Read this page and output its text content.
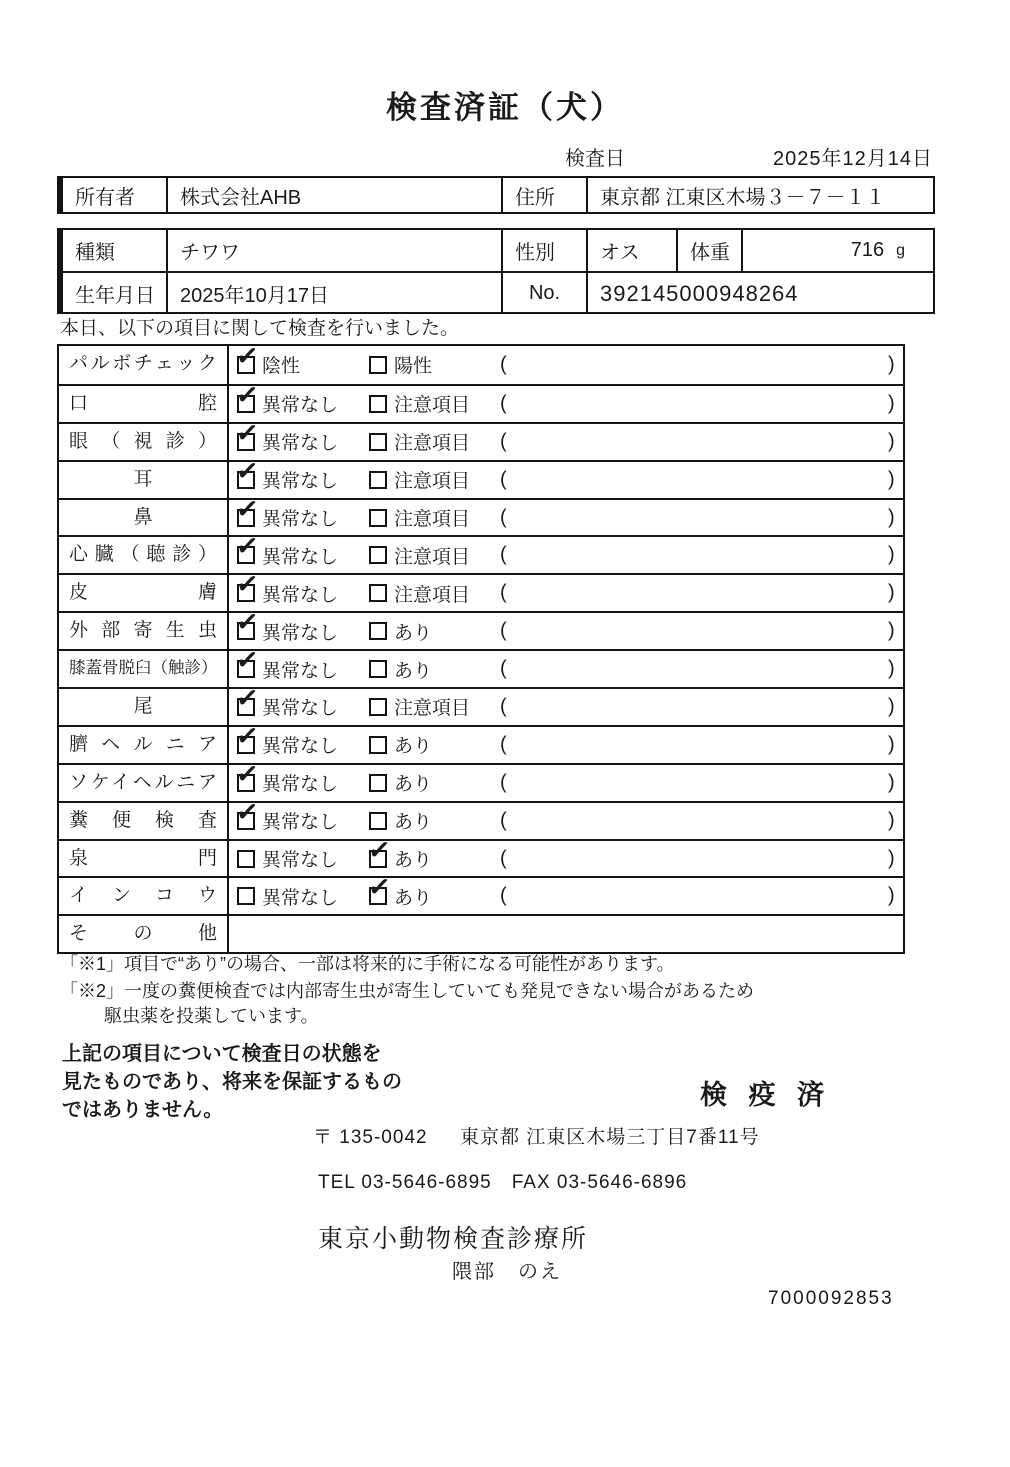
検査済証（犬）
検査日	2025年12月14日
所有者	株式会社AHB	住所	東京都 江東区木場３－７－１１
種類	チワワ	性別	オス	体重	716 g
生年月日	2025年10月17日	No.	392145000948264
本日、以下の項目に関して検査を行いました。
パルボチェック ✓ 陰性	陽性	(	)
口腔 ✓ 異常なし	注意項目 (	)
眼（視診） ✓ 異常なし	注意項目 (	)
耳	✓ 異常なし	注意項目 (	)
鼻	✓ 異常なし	注意項目 (	)
心臓（聴診） ✓ 異常なし	注意項目 (	)
皮膚 ✓ 異常なし	注意項目 (	)
外部寄生虫 ✓ 異常なし	あり	(	)
膝蓋骨脱臼（触診） ✓ 異常なし	あり	(	)
尾	✓ 異常なし	注意項目 (	)
臍ヘルニア ✓ 異常なし	あり	(	)
ソケイヘルニア ✓ 異常なし	あり	(	)
糞便検査 ✓ 異常なし	あり	(	)
泉門	異常なし ✓ あり	(	)
インコウ	異常なし ✓ あり	(	)
その他
「※1」項目で“あり”の場合、一部は将来的に手術になる可能性があります。
「※2」一度の糞便検査では内部寄生虫が寄生していても発見できない場合があるため
駆虫薬を投薬しています。
上記の項目について検査日の状態を
見たものであり、将来を保証するもの
ではありません。	検 疫 済
〒 135-0042 東京都 江東区木場三丁目7番11号
TEL 03-5646-6895　FAX 03-5646-6896
東京小動物検査診療所
隈部　のえ
7000092853
